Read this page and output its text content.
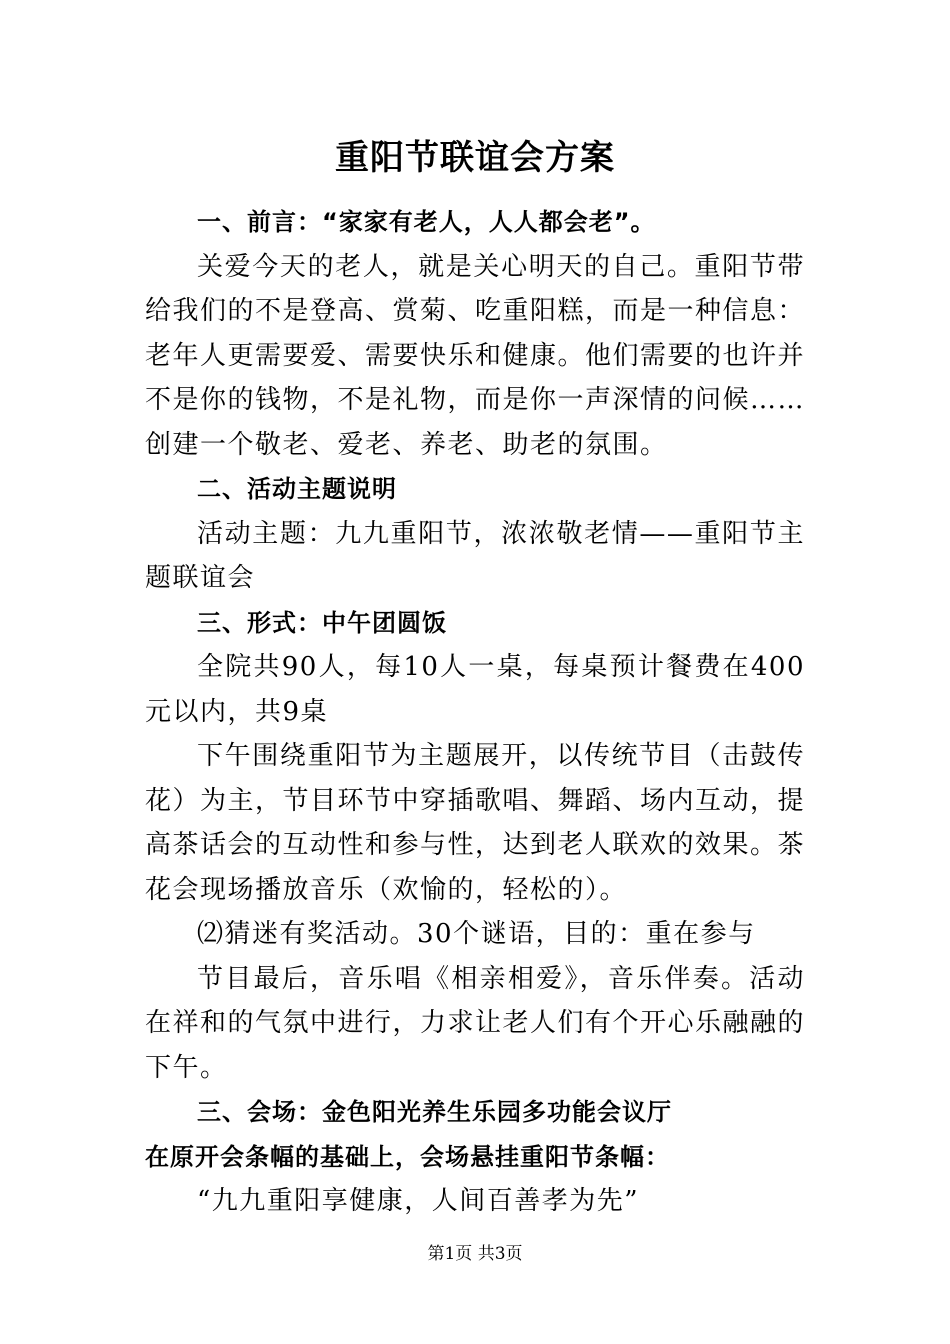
重阳节联谊会方案

一、前言：“家家有老人，人人都会老”。

关爱今天的老人，就是关心明天的自己。重阳节带给我们的不是登高、赏菊、吃重阳糕，而是一种信息：老年人更需要爱、需要快乐和健康。他们需要的也许并不是你的钱物，不是礼物，而是你一声深情的问候……创建一个敬老、爱老、养老、助老的氛围。

二、活动主题说明

活动主题：九九重阳节，浓浓敬老情——重阳节主题联谊会

三、形式：中午团圆饭

全院共90人，每10人一桌，每桌预计餐费在400元以内，共9桌

下午围绕重阳节为主题展开，以传统节目（击鼓传花）为主，节目环节中穿插歌唱、舞蹈、场内互动，提高茶话会的互动性和参与性，达到老人联欢的效果。茶花会现场播放音乐（欢愉的，轻松的）。

⑵猜迷有奖活动。30个谜语，目的：重在参与

节目最后，音乐唱《相亲相爱》，音乐伴奏。活动在祥和的气氛中进行，力求让老人们有个开心乐融融的下午。

三、会场：金色阳光养生乐园多功能会议厅

在原开会条幅的基础上，会场悬挂重阳节条幅：

“九九重阳享健康，人间百善孝为先”

第1页 共3页
